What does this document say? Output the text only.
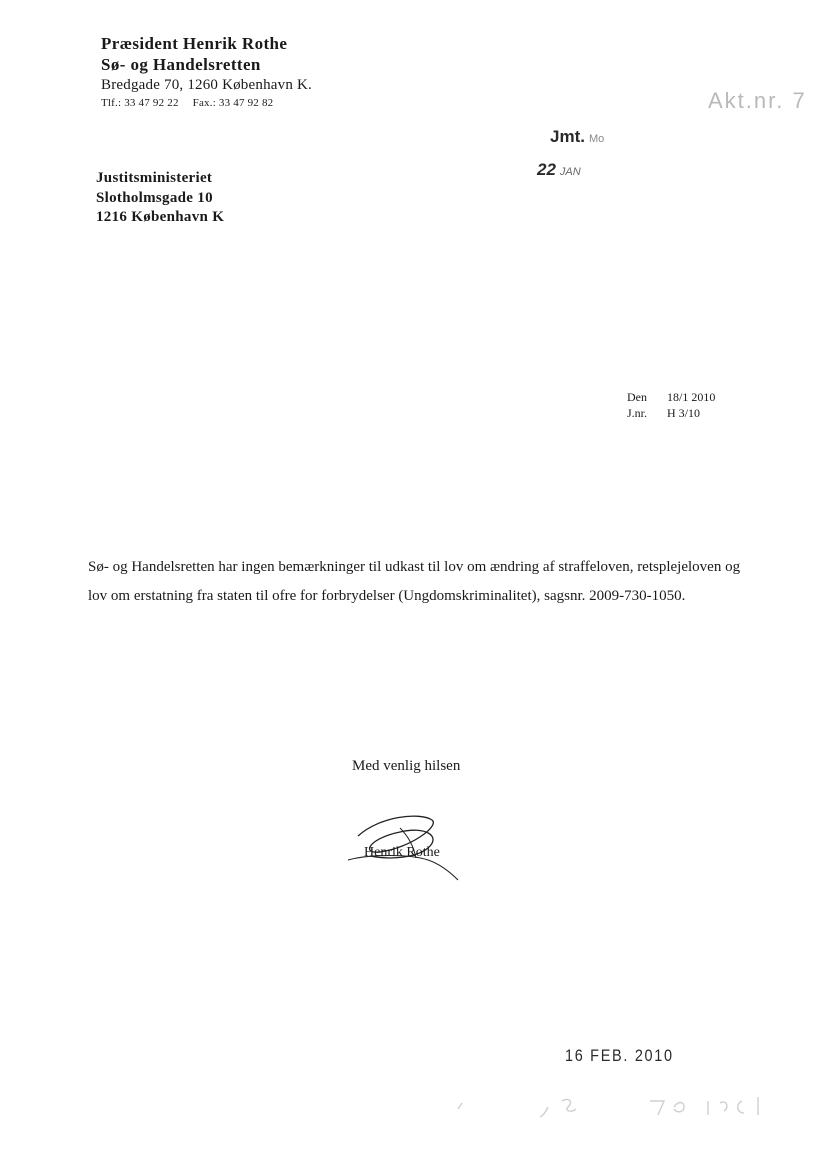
Præsident Henrik Rothe
Sø- og Handelsretten
Bredgade 70, 1260 København K.
Tlf.: 33 47 92 22 Fax.: 33 47 92 82	Akt.nr. 7
Jmt. Mo
22 JAN
Justitsministeriet
Slotholmsgade 10
1216 København K
Den 18/1 2010
J.nr. H 3/10
Sø- og Handelsretten har ingen bemærkninger til udkast til lov om ændring af straffeloven, retsplejeloven og lov om erstatning fra staten til ofre for forbrydelser (Ungdomskriminalitet), sagsnr. 2009-730-1050.
Med venlig hilsen
Henrik Rothe
16 FEB. 2010
